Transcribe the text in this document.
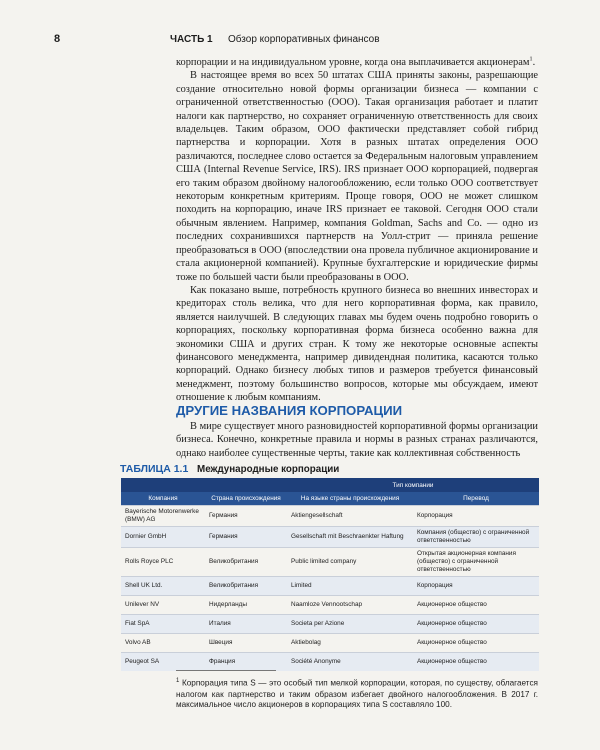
8	ЧАСТЬ 1 Обзор корпоративных финансов

корпорации и на индивидуальном уровне, когда она выплачивается акционерам$^1$.

В настоящее время во всех 50 штатах США приняты законы, разрешающие создание относительно новой формы организации бизнеса — компании с ограниченной ответственностью (ООО). Такая организация работает и платит налоги как партнерство, но сохраняет ограниченную ответственность для своих владельцев. Таким образом, ООО фактически представляет собой гибрид партнерства и корпорации. Хотя в разных штатах определения ООО различаются, последнее слово остается за Федеральным налоговым управлением США (Internal Revenue Service, IRS). IRS признает ООО корпорацией, подвергая его таким образом двойному налогообложению, если только ООО соответствует некоторым конкретным критериям. Проще говоря, ООО не может слишком походить на корпорацию, иначе IRS признает ее таковой. Сегодня ООО стали обычным явлением. Например, компания Goldman, Sachs and Co. — одно из последних сохранившихся партнерств на Уолл-стрит — приняла решение преобразоваться в ООО (впоследствии она провела публичное акционирование и стала акционерной компанией). Крупные бухгалтерские и юридические фирмы тоже по большей части были преобразованы в ООО.

Как показано выше, потребность крупного бизнеса во внешних инвесторах и кредиторах столь велика, что для него корпоративная форма, как правило, является наилучшей. В следующих главах мы будем очень подробно говорить о корпорациях, поскольку корпоративная форма бизнеса особенно важна для экономики США и других стран. К тому же некоторые основные аспекты финансового менеджмента, например дивидендная политика, касаются только корпораций. Однако бизнесу любых типов и размеров требуется финансовый менеджмент, поэтому большинство вопросов, которые мы обсуждаем, имеют отношение к любым компаниям.

ДРУГИЕ НАЗВАНИЯ КОРПОРАЦИИ

В мире существует много разновидностей корпоративной формы организации бизнеса. Конечно, конкретные правила и нормы в разных странах различаются, однако наиболее существенные черты, такие как коллективная собственность

ТАБЛИЦА 1.1 Международные корпорации
		Тип компании	
Компания	Страна происхождения	На языке страны происхождения	Перевод
Bayerische Motorenwerke (BMW) AG	Германия	Aktiengesellschaft	Корпорация
Dornier GmbH	Германия	Gesellschaft mit Beschraenkter Haftung	Компания (общество) с ограниченной ответственностью
Rolls Royce PLC	Великобритания	Public limited company	Открытая акционерная компания (общество) с ограниченной ответственностью
Shell UK Ltd.	Великобритания	Limited	Корпорация
Unilever NV	Нидерланды	Naamloze Vennootschap	Акционерное общество
Fiat SpA	Италия	Societa per Azione	Акционерное общество
Volvo AB	Швеция	Aktiebolag	Акционерное общество
Peugeot SA	Франция	Société Anonyme	Акционерное общество
$^1$ Корпорация типа S — это особый тип мелкой корпорации, которая, по существу, облагается налогом как партнерство и таким образом избегает двойного налогообложения. В 2017 г. максимальное число акционеров в корпорациях типа S составляло 100.
